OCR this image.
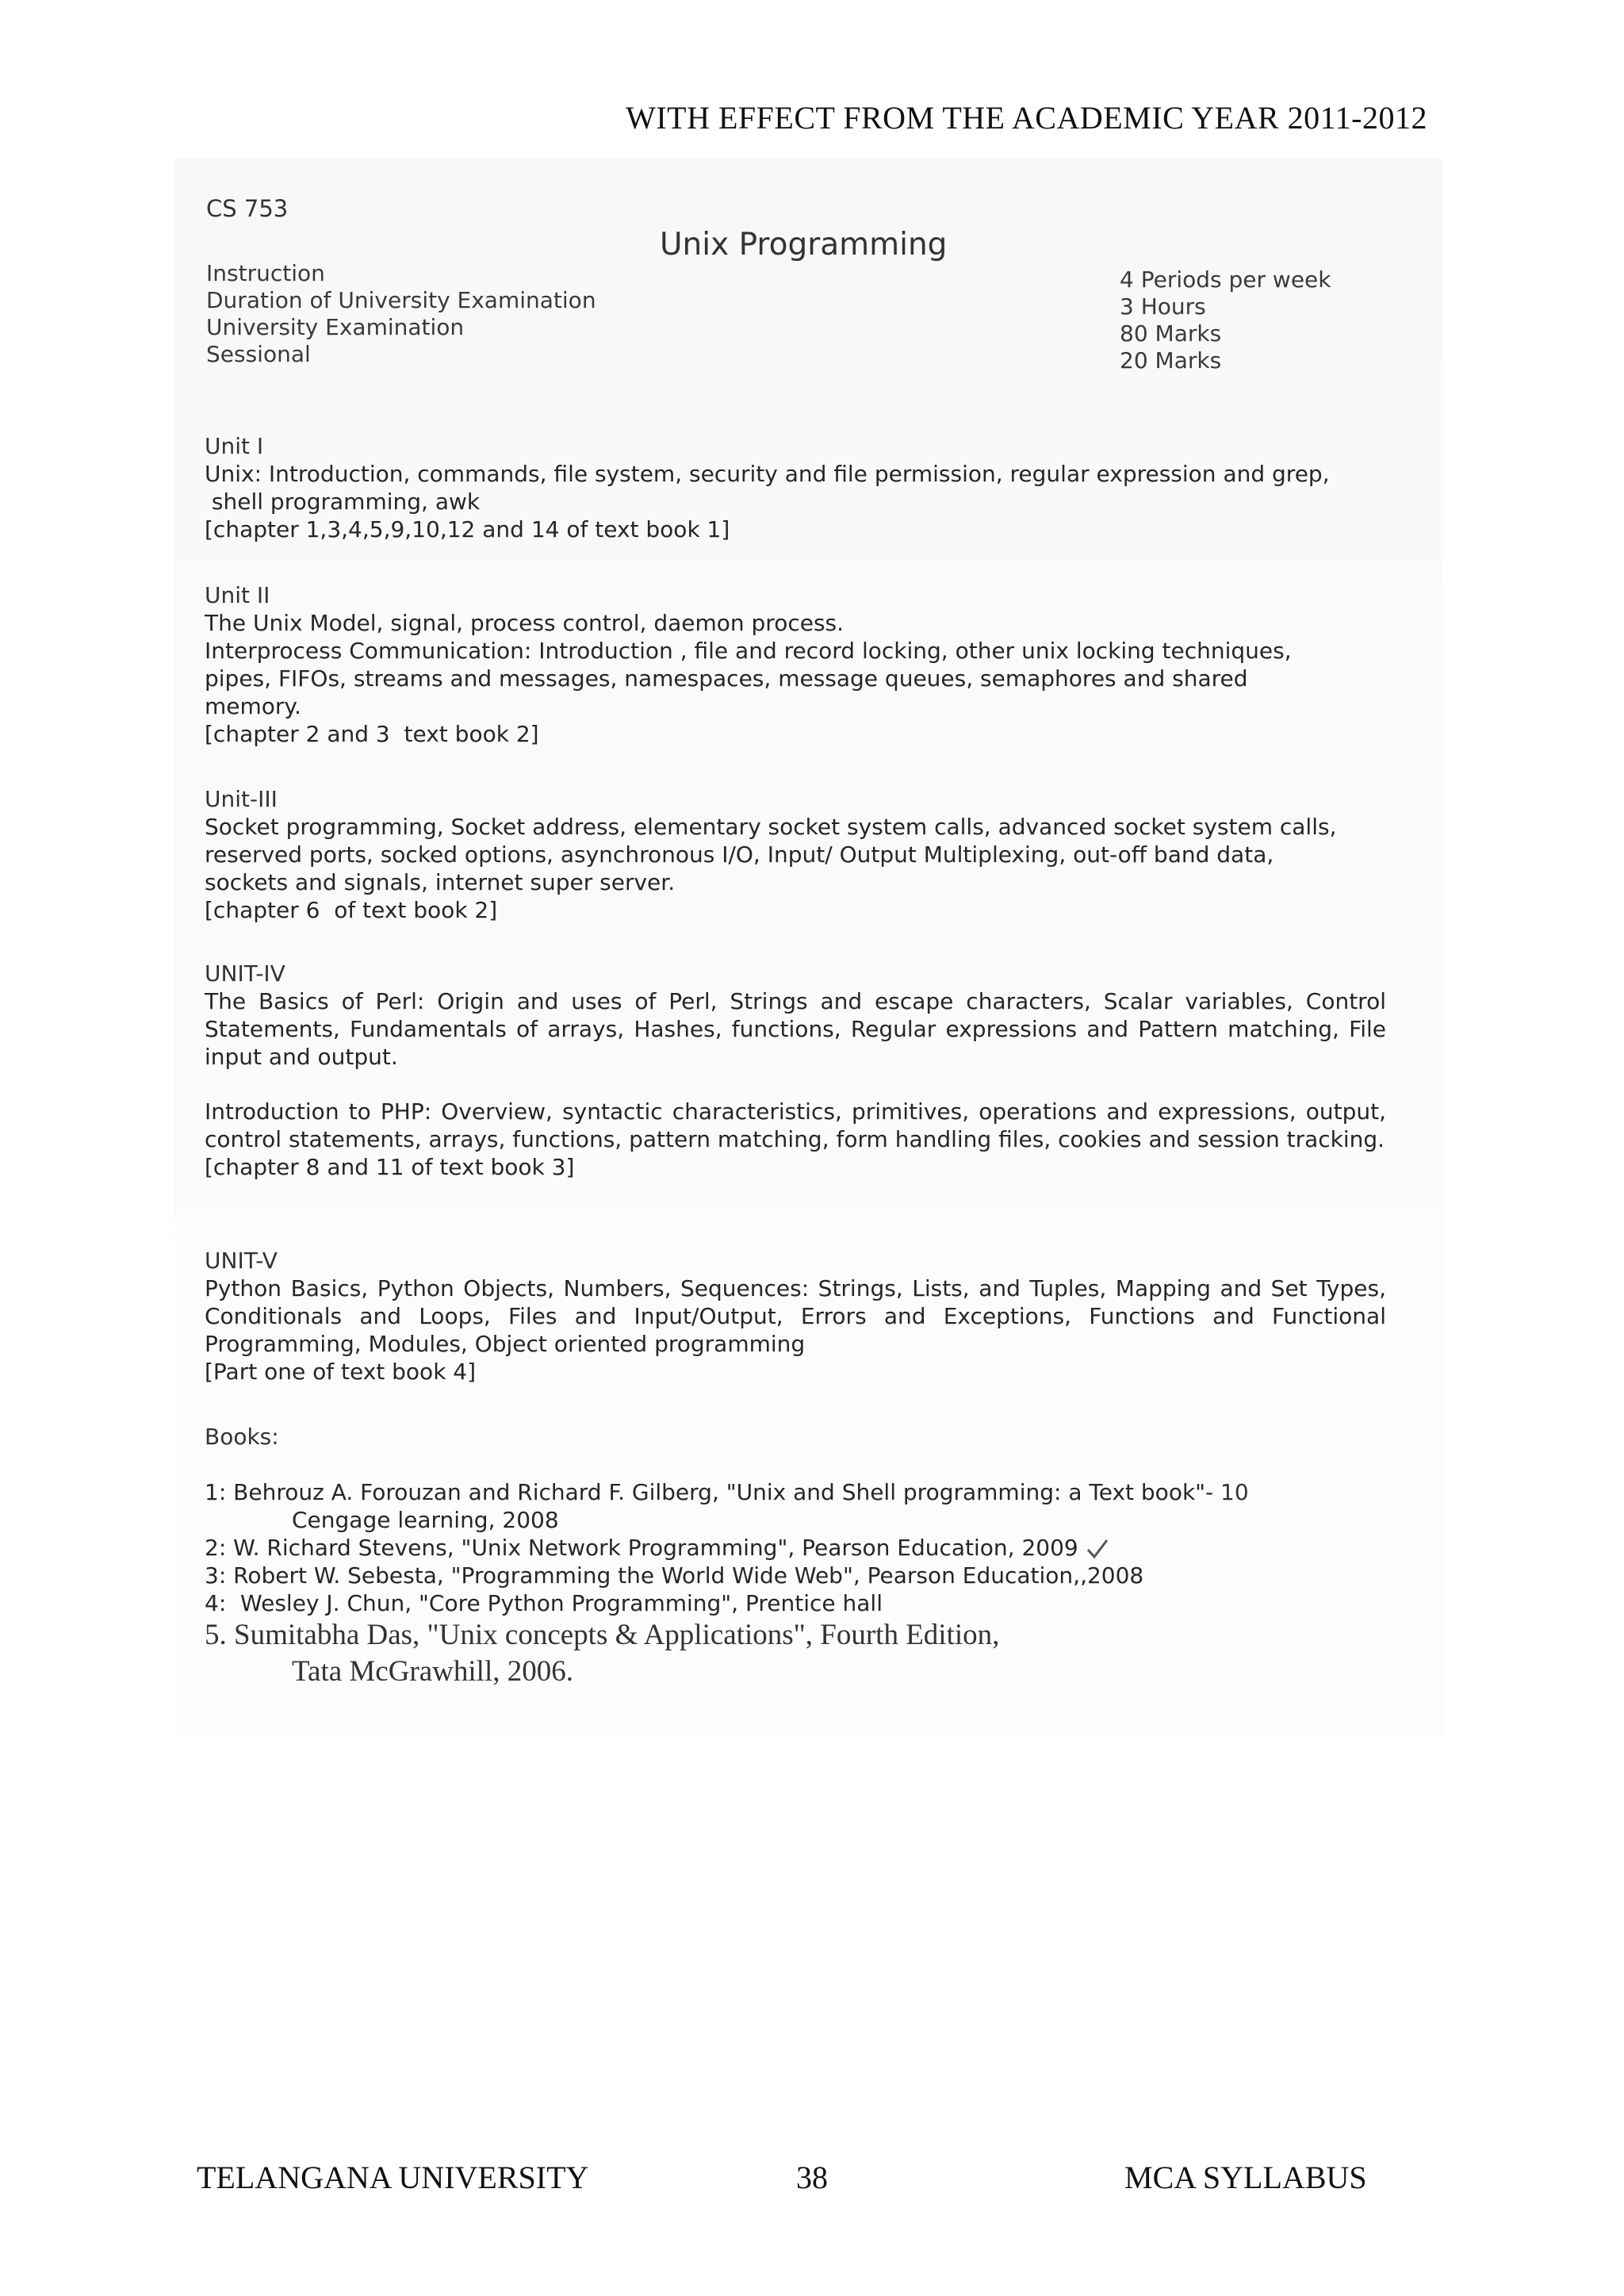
WITH EFFECT FROM THE ACADEMIC YEAR 2011-2012
CS 753
Unix Programming
Instruction
Duration of University Examination
University Examination
Sessional
4 Periods per week
3 Hours
80 Marks
20 Marks
Unit I
Unix: Introduction, commands, file system, security and file permission, regular expression and grep,
shell programming, awk
[chapter 1,3,4,5,9,10,12 and 14 of text book 1]
Unit II
The Unix Model, signal, process control, daemon process.
Interprocess Communication: Introduction , file and record locking, other unix locking techniques,
pipes, FIFOs, streams and messages, namespaces, message queues, semaphores and shared
memory.
[chapter 2 and 3  text book 2]
Unit-III
Socket programming, Socket address, elementary socket system calls, advanced socket system calls,
reserved ports, socked options, asynchronous I/O, Input/ Output Multiplexing, out-off band data,
sockets and signals, internet super server.
[chapter 6  of text book 2]
UNIT-IV
The Basics of Perl: Origin and uses of Perl, Strings and escape characters, Scalar variables, Control Statements, Fundamentals of arrays, Hashes, functions, Regular expressions and Pattern matching, File input and output.
Introduction to PHP: Overview, syntactic characteristics, primitives, operations and expressions, output, control statements, arrays, functions, pattern matching, form handling files, cookies and session tracking.
[chapter 8 and 11 of text book 3]
UNIT-V
Python Basics, Python Objects, Numbers, Sequences: Strings, Lists, and Tuples, Mapping and Set Types, Conditionals and Loops, Files and Input/Output, Errors and Exceptions, Functions and Functional Programming, Modules, Object oriented programming
[Part one of text book 4]
Books:
1: Behrouz A. Forouzan and Richard F. Gilberg, "Unix and Shell programming: a Text book"- 10
Cengage learning, 2008
2: W. Richard Stevens, "Unix Network Programming", Pearson Education, 2009
3: Robert W. Sebesta, "Programming the World Wide Web", Pearson Education,,2008
4:  Wesley J. Chun, "Core Python Programming", Prentice hall
5. Sumitabha Das, "Unix concepts & Applications", Fourth Edition,
Tata McGrawhill, 2006.
TELANGANA UNIVERSITY	38	MCA SYLLABUS
